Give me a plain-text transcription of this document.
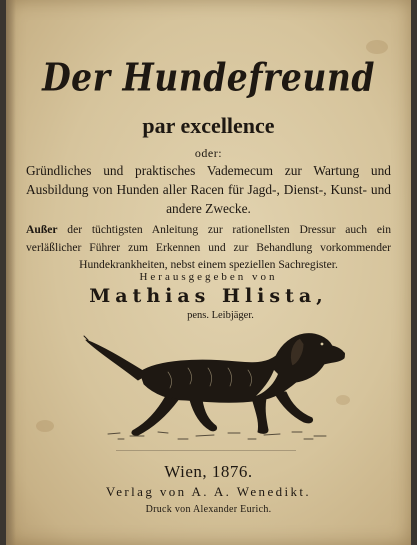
Der Hundefreund
par excellence
oder:
Gründliches und praktisches Vademecum zur Wartung und Ausbildung von Hunden aller Racen für Jagd-, Dienst-, Kunst- und andere Zwecke.
Außer der tüchtigsten Anleitung zur rationellsten Dressur auch ein verläßlicher Führer zum Erkennen und zur Behandlung vorkommender Hundekrankheiten, nebst einem speziellen Sachregister.
Herausgegeben von
Mathias Hlista,
pens. Leibjäger.
Wien, 1876.
Verlag von A. A. Wenedikt.
Druck von Alexander Eurich.
